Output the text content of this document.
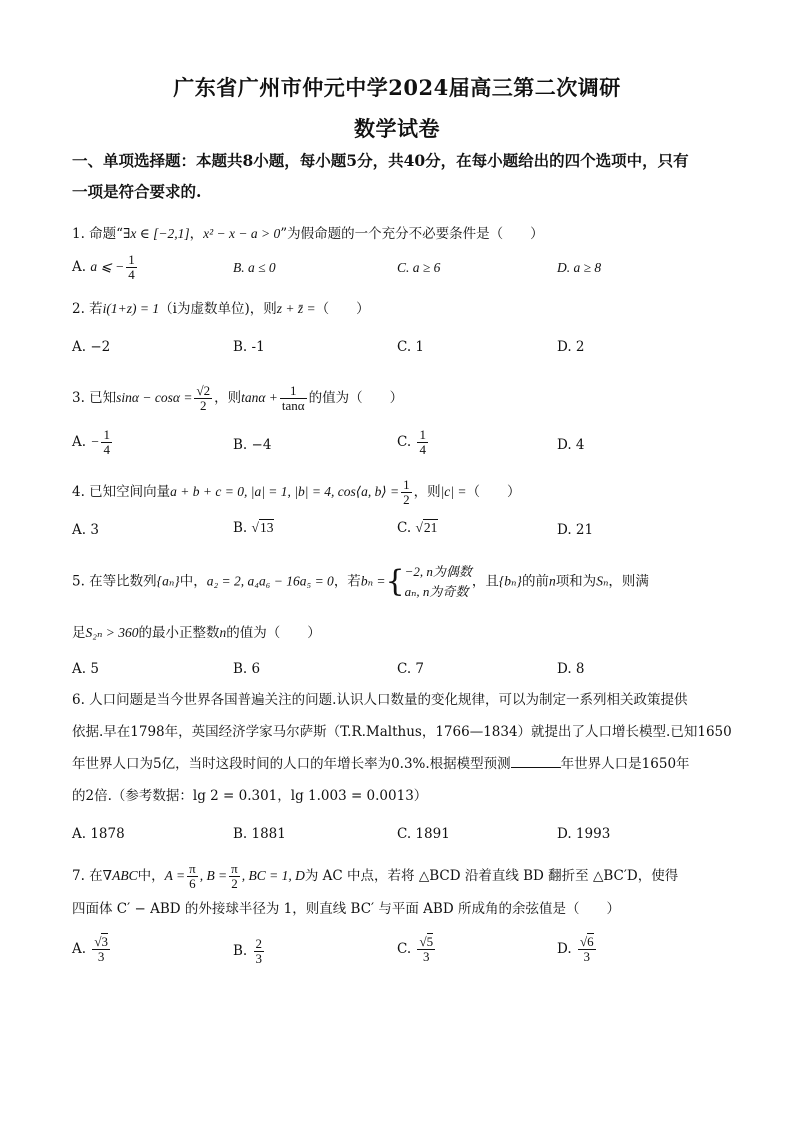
广东省广州市仲元中学2024届高三第二次调研
数学试卷
一、单项选择题：本题共8小题，每小题5分，共40分，在每小题给出的四个选项中，只有
一项是符合要求的.
1. 命题“∃x ∈ [−2,1]，x² − x − a > 0”为假命题的一个充分不必要条件是（　　）
A. a ⩽ − $\frac{1}{4}$	B. a ≤ 0	C. a ≥ 6	D. a ≥ 8
2. 若i(1+z) = 1（i为虚数单位)，则z + z̄ =（　　）
A. −2	B. -1	C. 1	D. 2
3. 已知$\sin\alpha - \cos\alpha = \frac{√2}{2}$ ，则$\tan\alpha + \frac{1}{\tan\alpha}$ 的值为（　　）
A. − $\frac{1}{4}$	B. −4	C. $\frac{1}{4}$	D. 4
4. 已知空间向量a + b + c = 0, |a| = 1, |b| = 4, cos⟨a, b⟩ = $\frac{1}{2}$ ，则|c| =（　　）
A. 3	B. √13	C. √21	D. 21
5. 在等比数列{aₙ}中，a₂ = 2, a₄a₆ − 16a₅ = 0，若bₙ ={ −2, n为偶数
aₙ, n为奇数
，且{bₙ}的前n项和为Sₙ，则满
足S₂ₙ > 360的最小正整数n的值为（　　）
A. 5	B. 6	C. 7	D. 8
6. 人口问题是当今世界各国普遍关注的问题.认识人口数量的变化规律，可以为制定一系列相关政策提供
依据.早在1798年，英国经济学家马尔萨斯（T.R.Malthus，1766—1834）就提出了人口增长模型.已知1650
年世界人口为5亿，当时这段时间的人口的年增长率为0.3%.根据模型预测	年世界人口是1650年
的2倍.（参考数据：lg 2 = 0.301，lg 1.003 = 0.0013）
A. 1878	B. 1881	C. 1891	D. 1993
7. 在∇ABC中，$A = \frac{\pi}{6}$ , $B = \frac{\pi}{2}$ , BC = 1, D为 AC 中点，若将 △BCD 沿着直线 BD 翻折至 △BC′D，使得
四面体 C′ − ABD 的外接球半径为 1，则直线 BC′ 与平面 ABD 所成角的余弦值是（　　）
A. $\frac{√3}{3}$	B. $\frac{2}{3}$	C. $\frac{√5}{3}$	D. $\frac{√6}{3}$
